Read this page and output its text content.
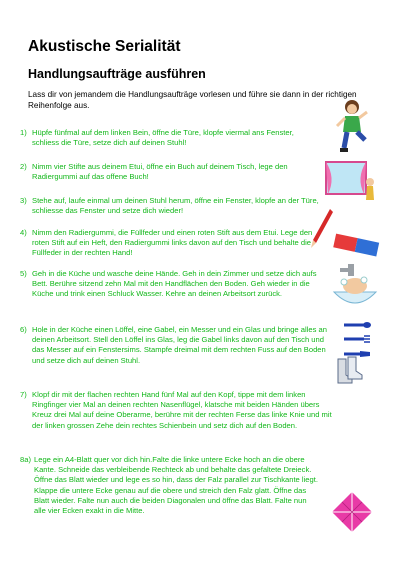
Akustische Serialität
Handlungsaufträge ausführen

Lass dir von jemandem die Handlungsaufträge vorlesen und führe sie dann in der richtigen Reihenfolge aus.

1) Hüpfe fünfmal auf dem linken Bein, öffne die Türe, klopfe viermal ans Fenster, schliess die Türe, setze dich auf deinen Stuhl!
2) Nimm vier Stifte aus deinem Etui, öffne ein Buch auf deinem Tisch, lege den Radiergummi auf das offene Buch!
3) Stehe auf, laufe einmal um deinen Stuhl herum, öffne ein Fenster, klopfe an der Türe, schliesse das Fenster und setze dich wieder!
4) Nimm den Radiergummi, die Füllfeder und einen roten Stift aus dem Etui. Lege den roten Stift auf ein Heft, den Radiergummi links davon auf den Tisch und behalte die Füllfeder in der rechten Hand!
5) Geh in die Küche und wasche deine Hände. Geh in dein Zimmer und setze dich aufs Bett. Berühre sitzend zehn Mal mit den Handflächen den Boden. Geh wieder in die Küche und trink einen Schluck Wasser. Kehre an deinen Arbeitsort zurück.
6) Hole in der Küche einen Löffel, eine Gabel, ein Messer und ein Glas und bringe alles an deinen Arbeitsort. Stell den Löffel ins Glas, leg die Gabel links davon auf den Tisch und das Messer auf ein Fenstersims. Stampfe dreimal mit dem rechten Fuss auf den Boden und setze dich auf deinen Stuhl.
7) Klopf dir mit der flachen rechten Hand fünf Mal auf den Kopf, tippe mit dem linken Ringfinger vier Mal an deinen rechten Nasenflügel, klatsche mit beiden Händen übers Kreuz drei Mal auf deine Oberarme, berühre mit der rechten Ferse das linke Knie und mit der linken grossen Zehe dein rechtes Schienbein und setz dich auf den Boden.
8a) Lege ein A4-Blatt quer vor dich hin.Falte die linke untere Ecke hoch an die obere Kante. Schneide das verbleibende Rechteck ab und behalte das gefaltete Dreieck. Öffne das Blatt wieder und lege es so hin, dass der Falz parallel zur Tischkante liegt. Klappe die untere Ecke genau auf die obere und streich den Falz glatt. Öffne das Blatt wieder. Falte nun auch die beiden Diagonalen und öffne das Blatt. Falte nun alle vier Ecken exakt in die Mitte.
